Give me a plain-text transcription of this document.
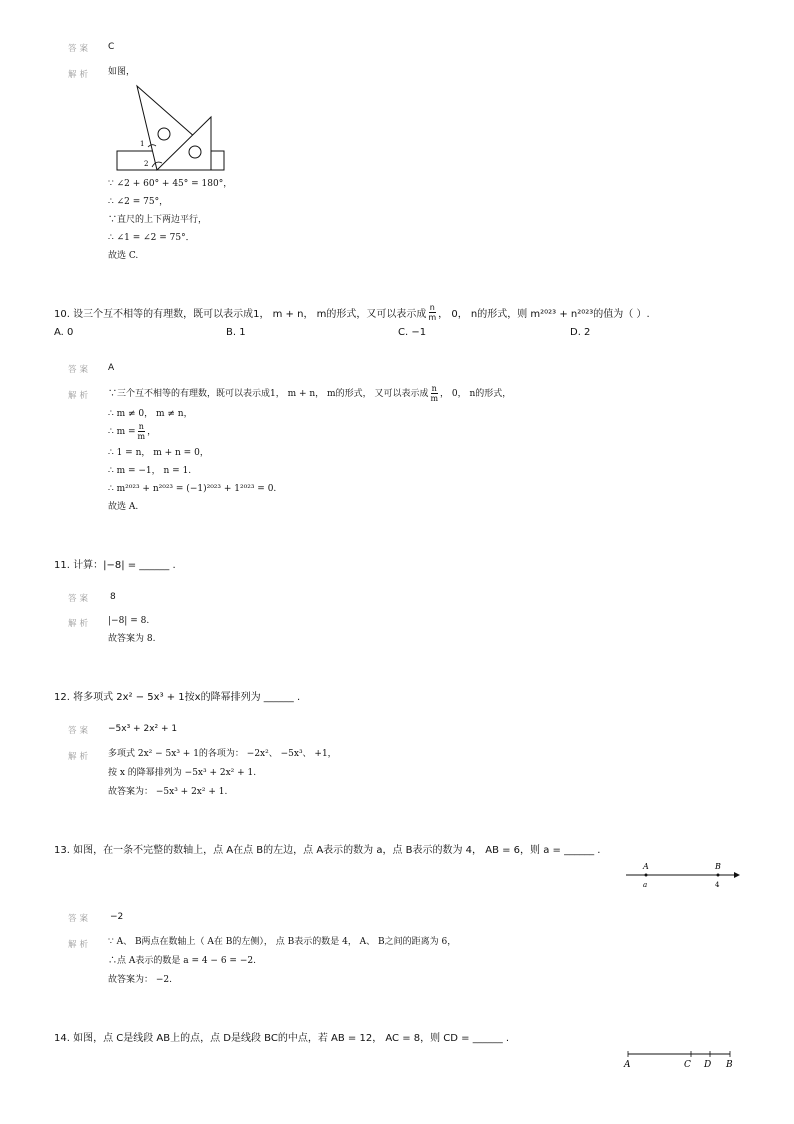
答案 C
解析 如图，
1
2
∵ ∠2 + 60° + 45° = 180°，
∴ ∠2 = 75°，
∵直尺的上下两边平行，
∴ ∠1 = ∠2 = 75°．
故选 C.
10. 设三个互不相等的有理数，既可以表示成1， m + n， m的形式，又可以表示成 $\frac{n}{m}$ ， 0， n的形式，则 m²⁰²³ + n²⁰²³的值为（ ）.
A. 0	B. 1	C. −1	D. 2
答案 A
解析 ∵三个互不相等的有理数，既可以表示成1， m + n， m的形式， 又可以表示成 $\frac{n}{m}$ ， 0， n的形式，
∴ m ≠ 0， m ≠ n，
∴ $m = \frac{n}{m}$ ，
∴ 1 = n， m + n = 0，
∴ m = −1， n = 1.
∴ m²⁰²³ + n²⁰²³ = (−1)²⁰²³ + 1²⁰²³ = 0.
故选 A.
11. 计算：|−8| = ______ .
答案 8
解析 |−8| = 8.
故答案为 8.
12. 将多项式 2x² − 5x³ + 1按x的降幂排列为 ______ .
答案 −5x³ + 2x² + 1
解析 多项式 2x² − 5x³ + 1的各项为： −2x²、 −5x³、 +1，
按 x 的降幂排列为 −5x³ + 2x² + 1.
故答案为： −5x³ + 2x² + 1.
13. 如图，在一条不完整的数轴上，点 A在点 B的左边，点 A表示的数为 a，点 B表示的数为 4， AB = 6，则 a = ______ .
A	B
a	4
答案 −2
解析 ∵ A、 B两点在数轴上（ A在 B的左侧）， 点 B表示的数是 4， A、 B之间的距离为 6，
∴点 A表示的数是 a = 4 − 6 = −2.
故答案为： −2.
14. 如图，点 C是线段 AB上的点，点 D是线段 BC的中点，若 AB = 12， AC = 8，则 CD = ______ .
A	C D B
